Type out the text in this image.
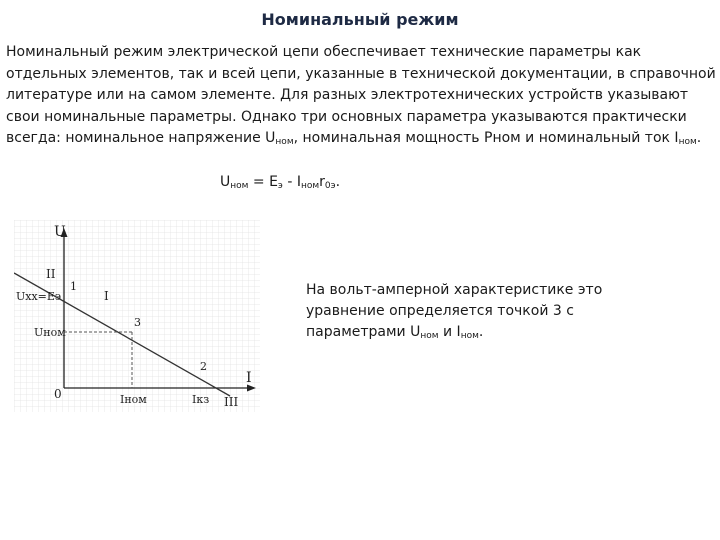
Номинальный режим
Номинальный режим электрической цепи обеспечивает технические параметры как отдельных элементов, так и всей цепи, указанные в технической документации, в справочной литературе или на самом элементе. Для разных электротехнических устройств указывают свои номинальные параметры. Однако три основных параметра указываются практически всегда: номинальное напряжение $U_{ном}$, номинальная мощность Pном и номинальный ток $I_{ном}$.
$U_{ном} = E_э - I_{ном}r_{0э}$.
U
I
0
II
III
I
Uхх=Eэ
Uном
Iном	Iкз
1
2
3
На вольт-амперной характеристике это уравнение определяется точкой 3 с параметрами $U_{ном}$ и $I_{ном}$.
